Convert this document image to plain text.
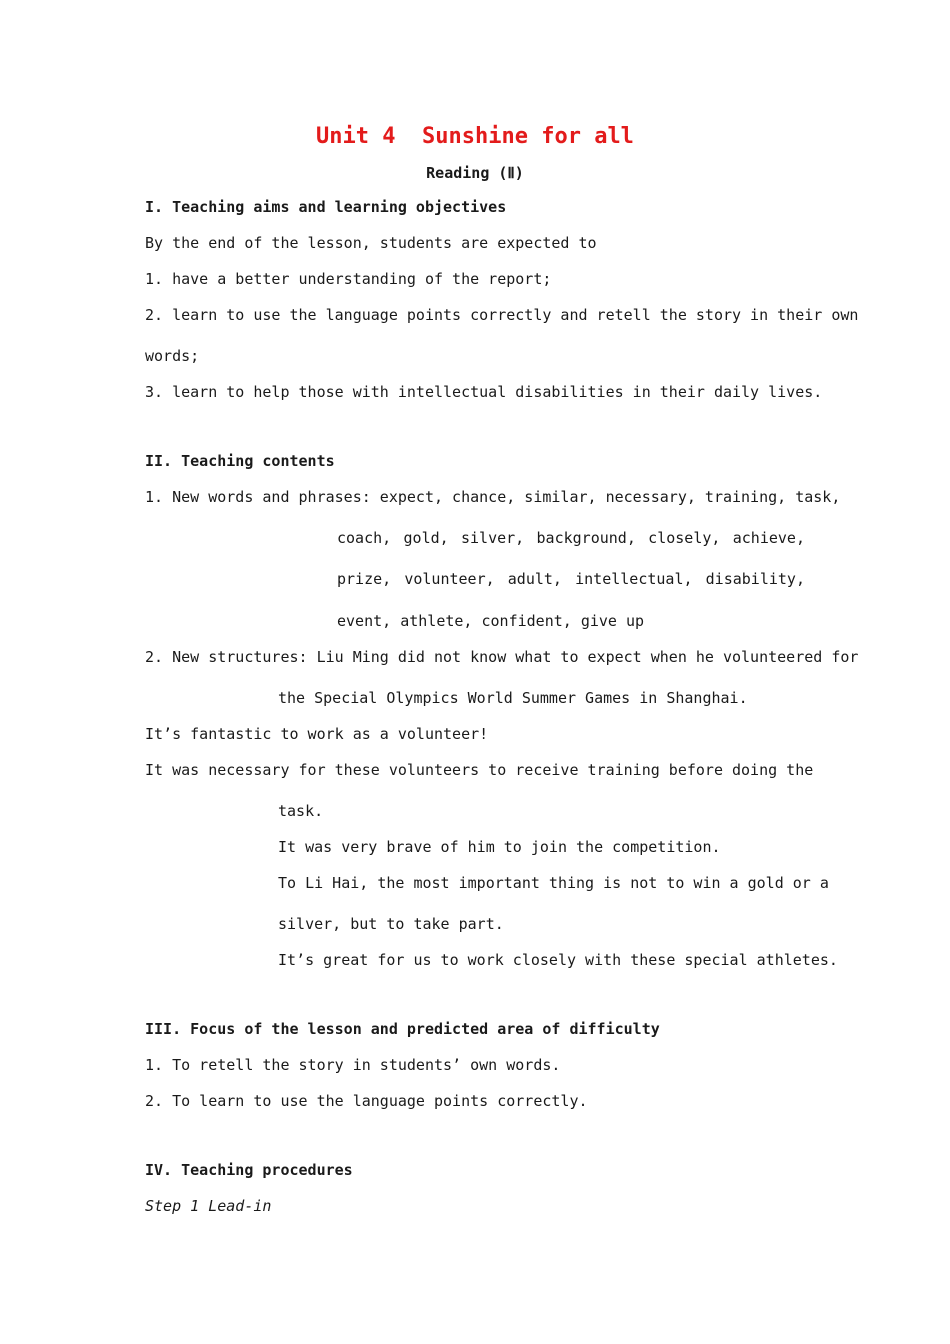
Unit 4  Sunshine for all
Reading (Ⅱ)
I. Teaching aims and learning objectives
By the end of the lesson, students are expected to
1. have a better understanding of the report;
2. learn to use the language points correctly and retell the story in their own
words;
3. learn to help those with intellectual disabilities in their daily lives.
II. Teaching contents
1. New words and phrases: expect, chance, similar, necessary, training, task,
coach, gold, silver, background, closely, achieve,
prize, volunteer, adult, intellectual, disability,
event, athlete, confident, give up
2. New structures: Liu Ming did not know what to expect when he volunteered for
the Special Olympics World Summer Games in Shanghai.
It’s fantastic to work as a volunteer!
It was necessary for these volunteers to receive training before doing the
task.
It was very brave of him to join the competition.
To Li Hai, the most important thing is not to win a gold or a
silver, but to take part.
It’s great for us to work closely with these special athletes.
III. Focus of the lesson and predicted area of difficulty
1. To retell the story in students’ own words.
2. To learn to use the language points correctly.
IV. Teaching procedures
Step 1 Lead-in
